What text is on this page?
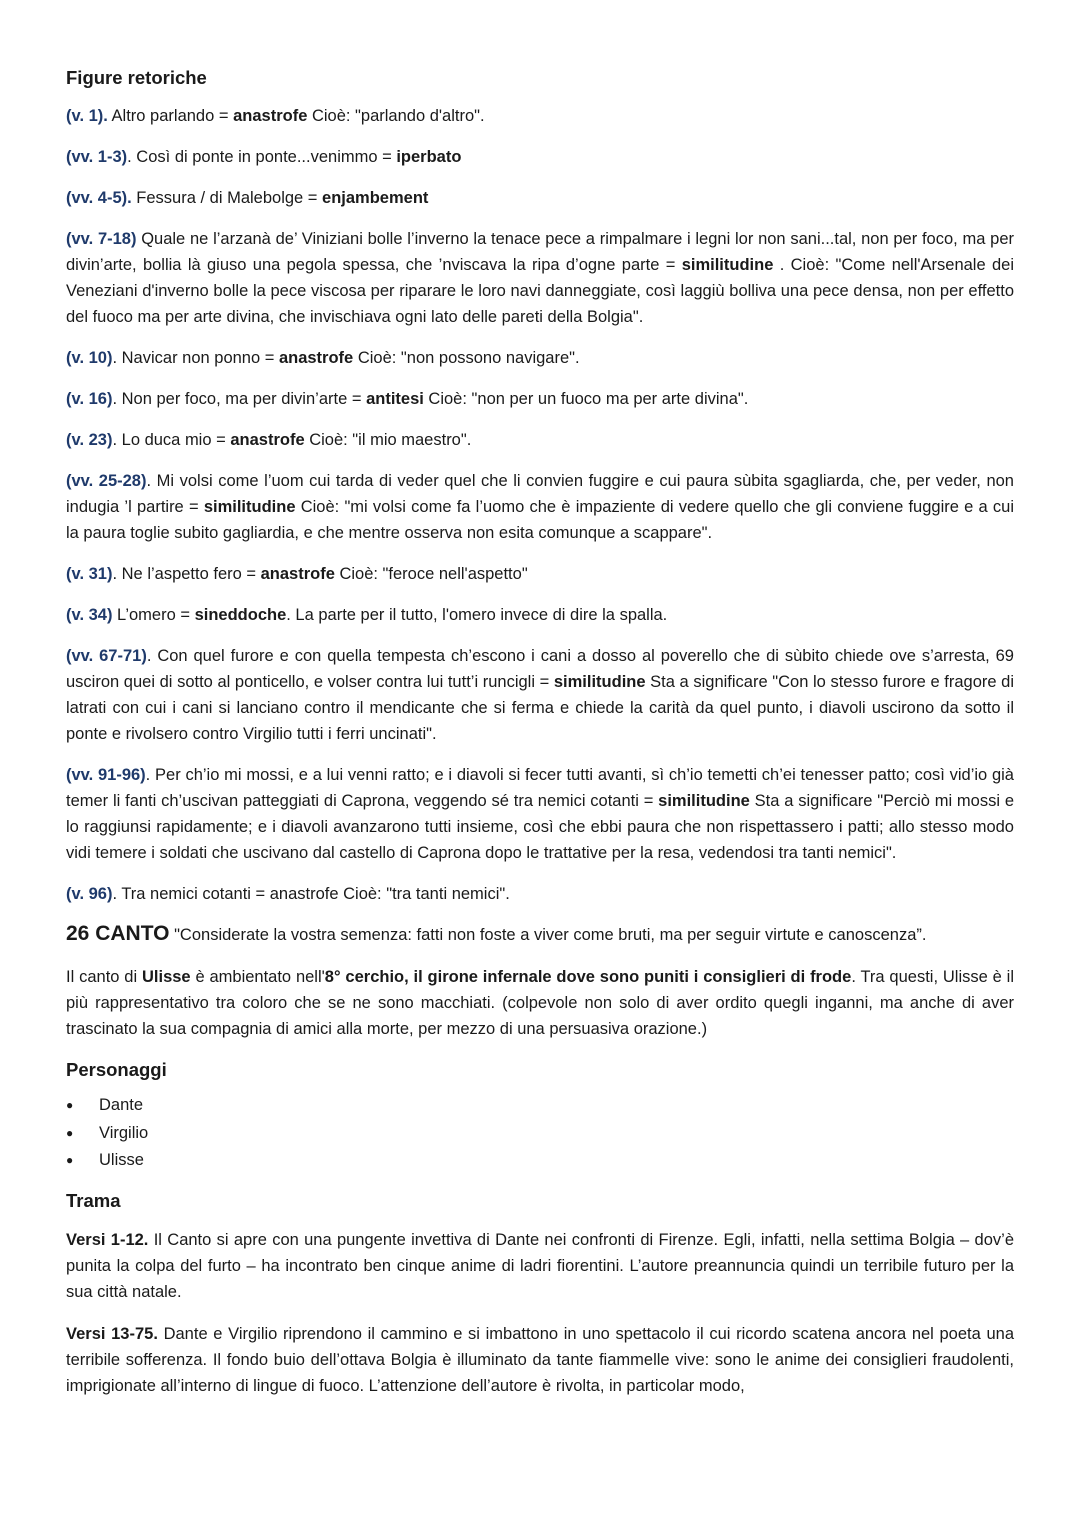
Figure retoriche

(v. 1). Altro parlando = anastrofe Cioè: "parlando d'altro".

(vv. 1-3). Così di ponte in ponte...venimmo = iperbato

(vv. 4-5). Fessura / di Malebolge = enjambement

(vv. 7-18) Quale ne l’arzanà de’ Viniziani bolle l’inverno la tenace pece a rimpalmare i legni lor non sani...tal, non per foco, ma per divin’arte, bollia là giuso una pegola spessa, che ’nviscava la ripa d’ogne parte = similitudine . Cioè: "Come nell'Arsenale dei Veneziani d'inverno bolle la pece viscosa per riparare le loro navi danneggiate, così laggiù bolliva una pece densa, non per effetto del fuoco ma per arte divina, che invischiava ogni lato delle pareti della Bolgia".

(v. 10). Navicar non ponno = anastrofe Cioè: "non possono navigare".

(v. 16). Non per foco, ma per divin’arte = antitesi Cioè: "non per un fuoco ma per arte divina".

(v. 23). Lo duca mio = anastrofe Cioè: "il mio maestro".

(vv. 25-28). Mi volsi come l’uom cui tarda di veder quel che li convien fuggire e cui paura sùbita sgagliarda, che, per veder, non indugia ’l partire = similitudine Cioè: "mi volsi come fa l’uomo che è impaziente di vedere quello che gli conviene fuggire e a cui la paura toglie subito gagliardia, e che mentre osserva non esita comunque a scappare".

(v. 31). Ne l’aspetto fero = anastrofe Cioè: "feroce nell'aspetto"

(v. 34) L’omero = sineddoche. La parte per il tutto, l'omero invece di dire la spalla.

(vv. 67-71). Con quel furore e con quella tempesta ch’escono i cani a dosso al poverello che di sùbito chiede ove s’arresta, 69 usciron quei di sotto al ponticello, e volser contra lui tutt’i runcigli = similitudine Sta a significare "Con lo stesso furore e fragore di latrati con cui i cani si lanciano contro il mendicante che si ferma e chiede la carità da quel punto, i diavoli uscirono da sotto il ponte e rivolsero contro Virgilio tutti i ferri uncinati".

(vv. 91-96). Per ch’io mi mossi, e a lui venni ratto; e i diavoli si fecer tutti avanti, sì ch’io temetti ch’ei tenesser patto; così vid’io già temer li fanti ch’uscivan patteggiati di Caprona, veggendo sé tra nemici cotanti = similitudine Sta a significare "Perciò mi mossi e lo raggiunsi rapidamente; e i diavoli avanzarono tutti insieme, così che ebbi paura che non rispettassero i patti; allo stesso modo vidi temere i soldati che uscivano dal castello di Caprona dopo le trattative per la resa, vedendosi tra tanti nemici".

(v. 96). Tra nemici cotanti = anastrofe Cioè: "tra tanti nemici".

26 CANTO "Considerate la vostra semenza: fatti non foste a viver come bruti, ma per seguir virtute e canoscenza”.

Il canto di Ulisse è ambientato nell'8° cerchio, il girone infernale dove sono puniti i consiglieri di frode. Tra questi, Ulisse è il più rappresentativo tra coloro che se ne sono macchiati. (colpevole non solo di aver ordito quegli inganni, ma anche di aver trascinato la sua compagnia di amici alla morte, per mezzo di una persuasiva orazione.)

Personaggi
● Dante
● Virgilio
● Ulisse
Trama

Versi 1-12. Il Canto si apre con una pungente invettiva di Dante nei confronti di Firenze. Egli, infatti, nella settima Bolgia – dov’è punita la colpa del furto – ha incontrato ben cinque anime di ladri fiorentini. L’autore preannuncia quindi un terribile futuro per la sua città natale.

Versi 13-75. Dante e Virgilio riprendono il cammino e si imbattono in uno spettacolo il cui ricordo scatena ancora nel poeta una terribile sofferenza. Il fondo buio dell’ottava Bolgia è illuminato da tante fiammelle vive: sono le anime dei consiglieri fraudolenti, imprigionate all’interno di lingue di fuoco. L’attenzione dell’autore è rivolta, in particolar modo,
